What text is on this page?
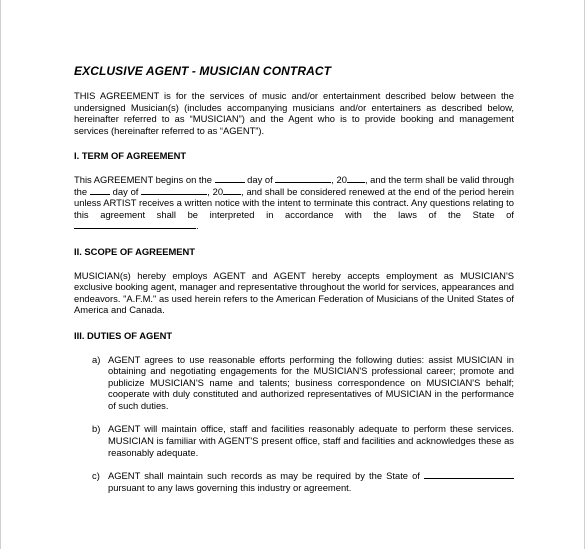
EXCLUSIVE AGENT - MUSICIAN CONTRACT

THIS AGREEMENT is for the services of music and/or entertainment described below between the undersigned Musician(s) (includes accompanying musicians and/or entertainers as described below, hereinafter referred to as “MUSICIAN”) and the Agent who is to provide booking and management services (hereinafter referred to as “AGENT”).

I. TERM OF AGREEMENT

This AGREEMENT begins on the	day of	, 20 , and the term shall be valid through the  day of	, 20 , and shall be considered renewed at the end of the period herein unless ARTIST receives a written notice with the intent to terminate this contract. Any questions relating to this agreement shall be interpreted in accordance with the laws of the State of .

II. SCOPE OF AGREEMENT

MUSICIAN(s) hereby employs AGENT and AGENT hereby accepts employment as MUSICIAN'S exclusive booking agent, manager and representative throughout the world for services, appearances and endeavors. "A.F.M." as used herein refers to the American Federation of Musicians of the United States of America and Canada.

III. DUTIES OF AGENT
a) AGENT agrees to use reasonable efforts performing the following duties: assist MUSICIAN in obtaining and negotiating engagements for the MUSICIAN'S professional career; promote and publicize MUSICIAN'S name and talents; business correspondence on MUSICIAN'S behalf; cooperate with duly constituted and authorized representatives of MUSICIAN in the performance of such duties.

b) AGENT will maintain office, staff and facilities reasonably adequate to perform these services. MUSICIAN is familiar with AGENT'S present office, staff and facilities and acknowledges these as reasonably adequate.

c) AGENT shall maintain such records as may be required by the State of  pursuant to any laws governing this industry or agreement.
